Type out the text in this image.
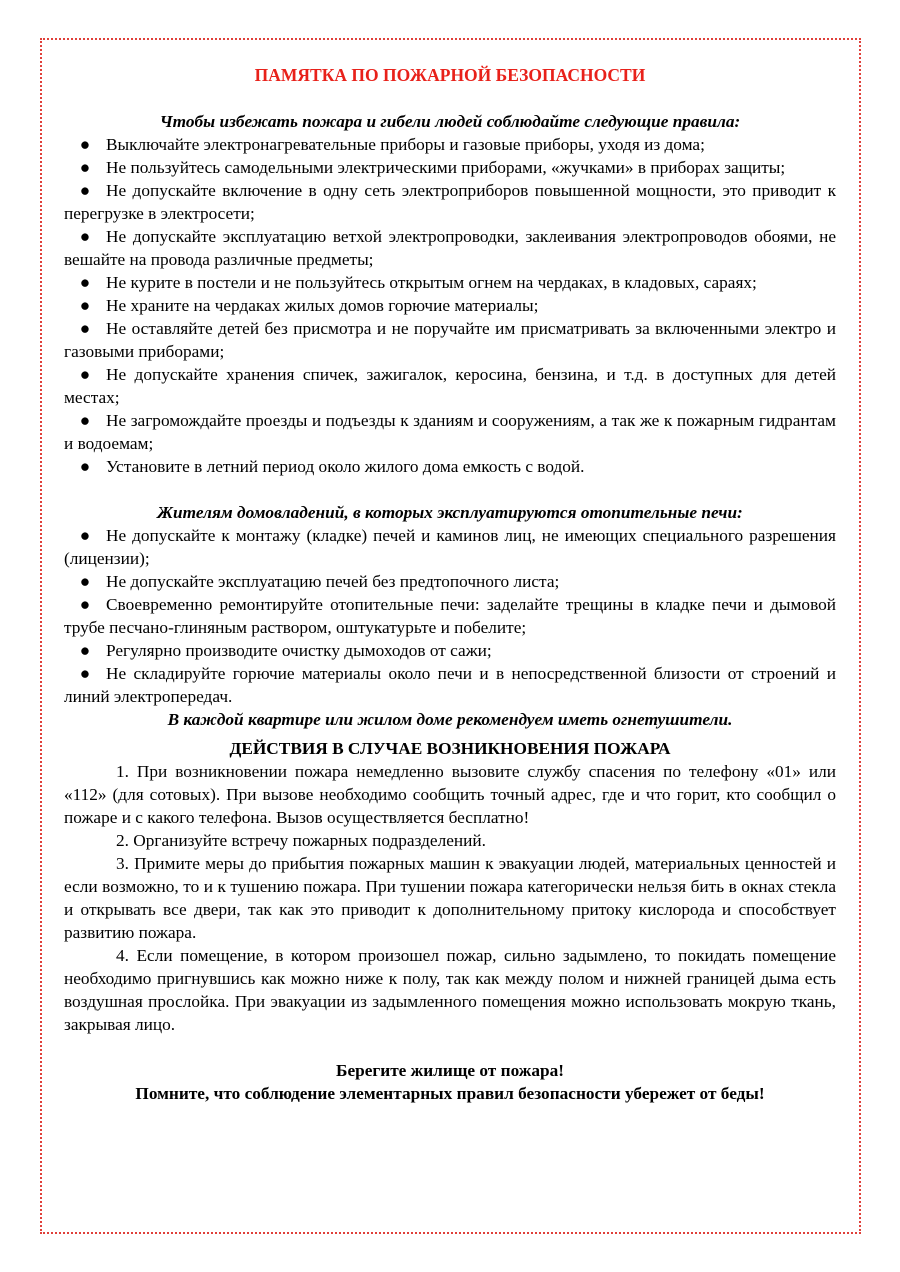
ПАМЯТКА ПО ПОЖАРНОЙ БЕЗОПАСНОСТИ

Чтобы избежать пожара и гибели людей соблюдайте следующие правила:

● Выключайте электронагревательные приборы и газовые приборы, уходя из дома;

● Не пользуйтесь самодельными электрическими приборами, «жучками» в приборах защиты;

● Не допускайте включение в одну сеть электроприборов повышенной мощности, это приводит к перегрузке в электросети;

● Не допускайте эксплуатацию ветхой электропроводки, заклеивания электропроводов обоями, не вешайте на провода различные предметы;

● Не курите в постели и не пользуйтесь открытым огнем на чердаках, в кладовых, сараях;

● Не храните на чердаках жилых домов горючие материалы;

● Не оставляйте детей без присмотра и не поручайте им присматривать за включенными электро и газовыми приборами;

● Не допускайте хранения спичек, зажигалок, керосина, бензина, и т.д. в доступных для детей местах;

● Не загромождайте проезды и подъезды к зданиям и сооружениям, а так же к пожарным гидрантам и водоемам;

● Установите в летний период около жилого дома емкость с водой.

Жителям домовладений, в которых эксплуатируются отопительные печи:

● Не допускайте к монтажу (кладке) печей и каминов лиц, не имеющих специального разрешения (лицензии);

● Не допускайте эксплуатацию печей без предтопочного листа;

● Своевременно ремонтируйте отопительные печи: заделайте трещины в кладке печи и дымовой трубе песчано-глиняным раствором, оштукатурьте и побелите;

● Регулярно производите очистку дымоходов от сажи;

● Не складируйте горючие материалы около печи и в непосредственной близости от строений и линий электропередач.

В каждой квартире или жилом доме рекомендуем иметь огнетушители.

ДЕЙСТВИЯ В СЛУЧАЕ ВОЗНИКНОВЕНИЯ ПОЖАРА

1. При возникновении пожара немедленно вызовите службу спасения по телефону «01» или «112» (для сотовых). При вызове необходимо сообщить точный адрес, где и что горит, кто сообщил о пожаре и с какого телефона. Вызов осуществляется бесплатно!

2. Организуйте встречу пожарных подразделений.

3. Примите меры до прибытия пожарных машин к эвакуации людей, материальных ценностей и если возможно, то и к тушению пожара. При тушении пожара категорически нельзя бить в окнах стекла и открывать все двери, так как это приводит к дополнительному притоку кислорода и способствует развитию пожара.

4. Если помещение, в котором произошел пожар, сильно задымлено, то покидать помещение необходимо пригнувшись как можно ниже к полу, так как между полом и нижней границей дыма есть воздушная прослойка. При эвакуации из задымленного помещения можно использовать мокрую ткань, закрывая лицо.

Берегите жилище от пожара!

Помните, что соблюдение элементарных правил безопасности убережет от беды!
